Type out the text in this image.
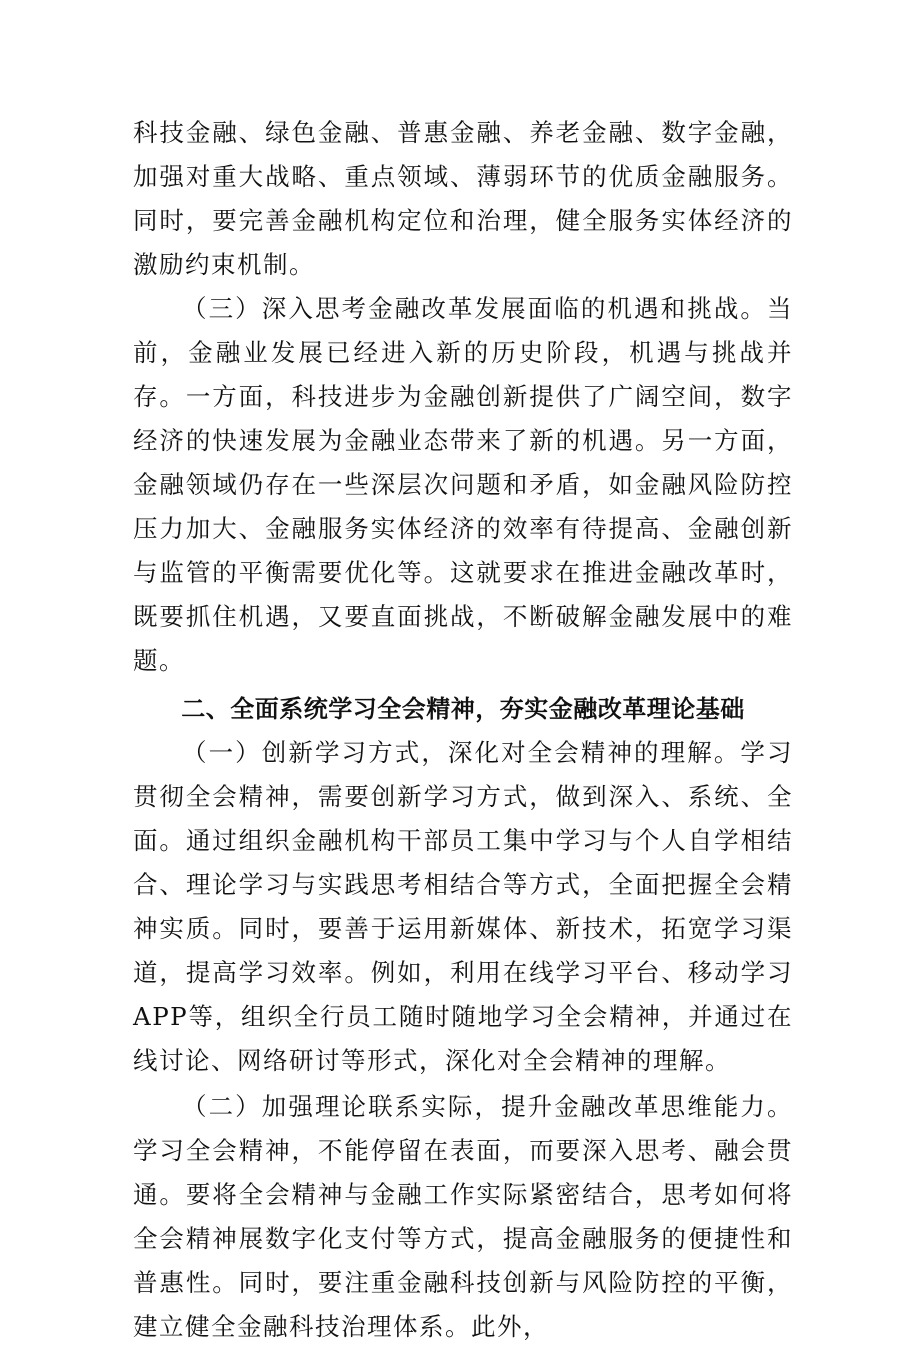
科技金融、绿色金融、普惠金融、养老金融、数字金融，加强对重大战略、重点领域、薄弱环节的优质金融服务。同时，要完善金融机构定位和治理，健全服务实体经济的激励约束机制。

（三）深入思考金融改革发展面临的机遇和挑战。当前，金融业发展已经进入新的历史阶段，机遇与挑战并存。一方面，科技进步为金融创新提供了广阔空间，数字经济的快速发展为金融业态带来了新的机遇。另一方面，金融领域仍存在一些深层次问题和矛盾，如金融风险防控压力加大、金融服务实体经济的效率有待提高、金融创新与监管的平衡需要优化等。这就要求在推进金融改革时，既要抓住机遇，又要直面挑战，不断破解金融发展中的难题。

二、全面系统学习全会精神，夯实金融改革理论基础

（一）创新学习方式，深化对全会精神的理解。学习贯彻全会精神，需要创新学习方式，做到深入、系统、全面。通过组织金融机构干部员工集中学习与个人自学相结合、理论学习与实践思考相结合等方式，全面把握全会精神实质。同时，要善于运用新媒体、新技术，拓宽学习渠道，提高学习效率。例如，利用在线学习平台、移动学习APP等，组织全行员工随时随地学习全会精神，并通过在线讨论、网络研讨等形式，深化对全会精神的理解。

（二）加强理论联系实际，提升金融改革思维能力。学习全会精神，不能停留在表面，而要深入思考、融会贯通。要将全会精神与金融工作实际紧密结合，思考如何将全会精神展数字化支付等方式，提高金融服务的便捷性和普惠性。同时，要注重金融科技创新与风险防控的平衡，建立健全金融科技治理体系。此外，
